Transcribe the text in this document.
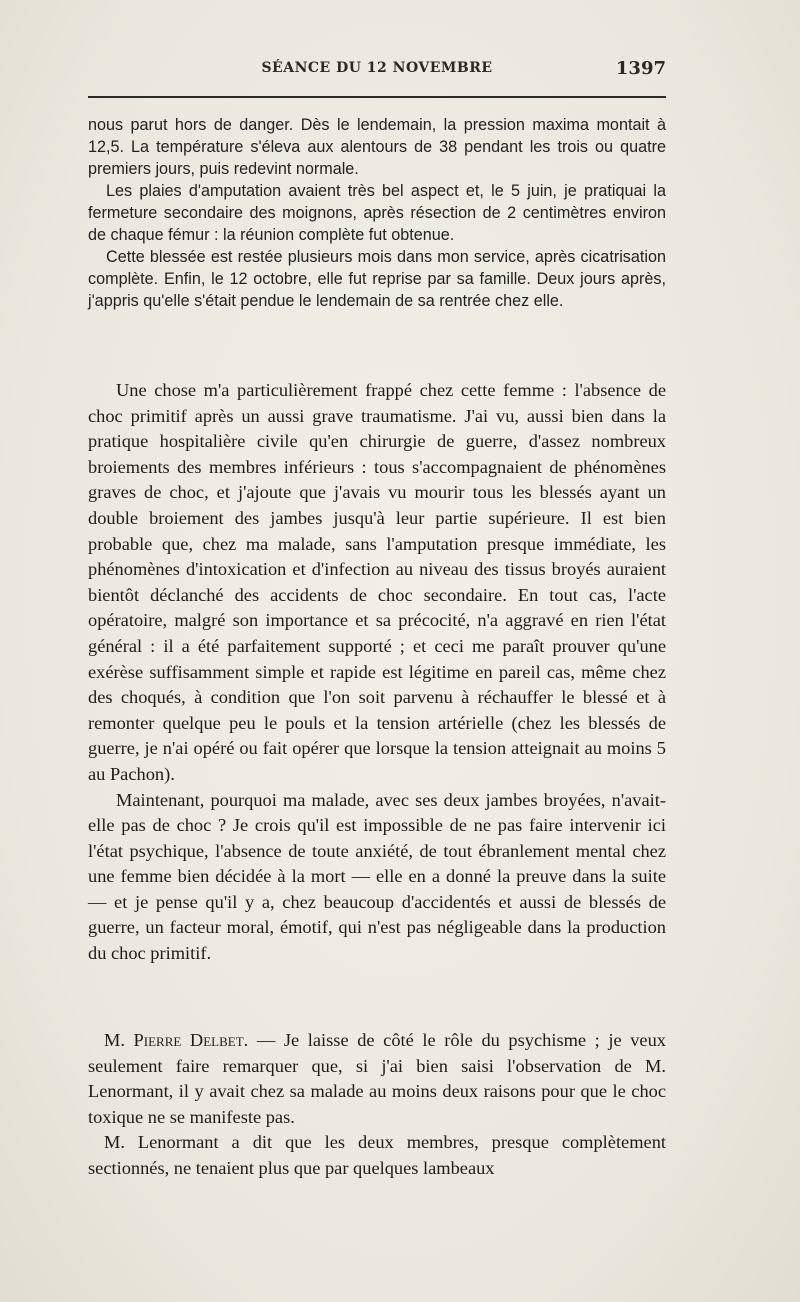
SÉANCE DU 12 NOVEMBRE	1397

nous parut hors de danger. Dès le lendemain, la pression maxima montait à 12,5. La température s'éleva aux alentours de 38 pendant les trois ou quatre premiers jours, puis redevint normale.

Les plaies d'amputation avaient très bel aspect et, le 5 juin, je pratiquai la fermeture secondaire des moignons, après résection de 2 centimètres environ de chaque fémur : la réunion complète fut obtenue.

Cette blessée est restée plusieurs mois dans mon service, après cicatrisation complète. Enfin, le 12 octobre, elle fut reprise par sa famille. Deux jours après, j'appris qu'elle s'était pendue le lendemain de sa rentrée chez elle.

Une chose m'a particulièrement frappé chez cette femme : l'absence de choc primitif après un aussi grave traumatisme. J'ai vu, aussi bien dans la pratique hospitalière civile qu'en chirurgie de guerre, d'assez nombreux broiements des membres inférieurs : tous s'accompagnaient de phénomènes graves de choc, et j'ajoute que j'avais vu mourir tous les blessés ayant un double broiement des jambes jusqu'à leur partie supérieure. Il est bien probable que, chez ma malade, sans l'amputation presque immédiate, les phénomènes d'intoxication et d'infection au niveau des tissus broyés auraient bientôt déclanché des accidents de choc secondaire. En tout cas, l'acte opératoire, malgré son importance et sa précocité, n'a aggravé en rien l'état général : il a été parfaitement supporté ; et ceci me paraît prouver qu'une exérèse suffisamment simple et rapide est légitime en pareil cas, même chez des choqués, à condition que l'on soit parvenu à réchauffer le blessé et à remonter quelque peu le pouls et la tension artérielle (chez les blessés de guerre, je n'ai opéré ou fait opérer que lorsque la tension atteignait au moins 5 au Pachon).

Maintenant, pourquoi ma malade, avec ses deux jambes broyées, n'avait-elle pas de choc ? Je crois qu'il est impossible de ne pas faire intervenir ici l'état psychique, l'absence de toute anxiété, de tout ébranlement mental chez une femme bien décidée à la mort — elle en a donné la preuve dans la suite — et je pense qu'il y a, chez beaucoup d'accidentés et aussi de blessés de guerre, un facteur moral, émotif, qui n'est pas négligeable dans la production du choc primitif.

M. Pierre Delbet. — Je laisse de côté le rôle du psychisme ; je veux seulement faire remarquer que, si j'ai bien saisi l'observation de M. Lenormant, il y avait chez sa malade au moins deux raisons pour que le choc toxique ne se manifeste pas.

M. Lenormant a dit que les deux membres, presque complètement sectionnés, ne tenaient plus que par quelques lambeaux
